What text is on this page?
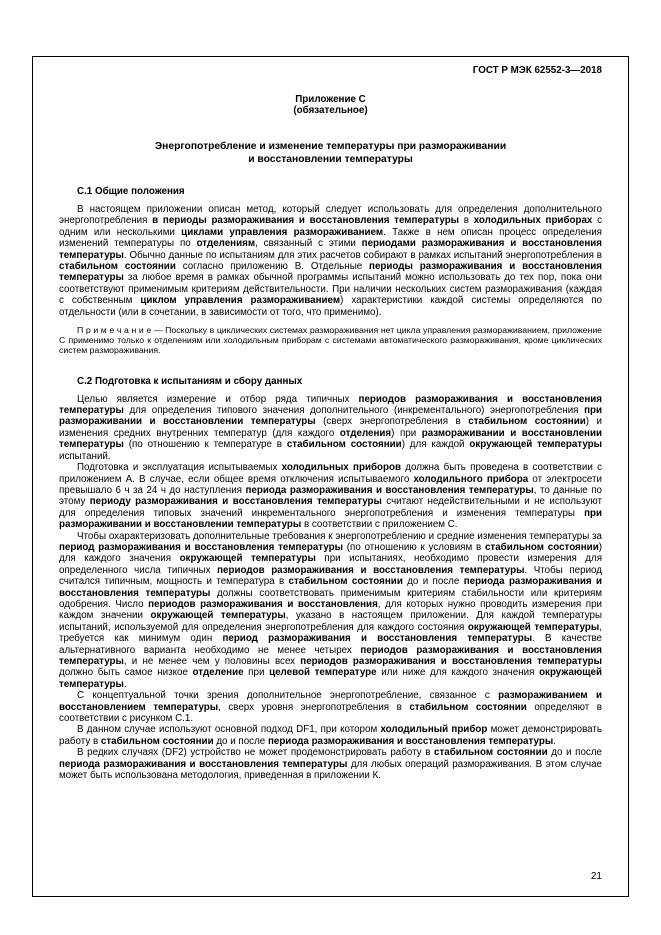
ГОСТ Р МЭК 62552-3—2018
Приложение С
(обязательное)
Энергопотребление и изменение температуры при размораживании
и восстановлении температуры
С.1 Общие положения

В настоящем приложении описан метод, который следует использовать для определения дополнительного энергопотребления в периоды размораживания и восстановления температуры в холодильных приборах с одним или несколькими циклами управления размораживанием. Также в нем описан процесс определения изменений температуры по отделениям, связанный с этими периодами размораживания и восстановления температуры. Обычно данные по испытаниям для этих расчетов собирают в рамках испытаний энергопотребления в стабильном состоянии согласно приложению В. Отдельные периоды размораживания и восстановления температуры за любое время в рамках обычной программы испытаний можно использовать до тех пор, пока они соответствуют применимым критериям действительности. При наличии нескольких систем размораживания (каждая с собственным циклом управления размораживанием) характеристики каждой системы определяются по отдельности (или в сочетании, в зависимости от того, что применимо).

П р и м е ч а н и е — Поскольку в циклических системах размораживания нет цикла управления размораживанием, приложение С применимо только к отделениям или холодильным приборам с системами автоматического размораживания, кроме циклических систем размораживания.

С.2 Подготовка к испытаниям и сбору данных

Целью является измерение и отбор ряда типичных периодов размораживания и восстановления температуры для определения типового значения дополнительного (инкрементального) энергопотребления при размораживании и восстановлении температуры (сверх энергопотребления в стабильном состоянии) и изменения средних внутренних температур (для каждого отделения) при размораживании и восстановлении температуры (по отношению к температуре в стабильном состоянии) для каждой окружающей температуры испытаний.

Подготовка и эксплуатация испытываемых холодильных приборов должна быть проведена в соответствии с приложением А. В случае, если общее время отключения испытываемого холодильного прибора от электросети превышало 6 ч за 24 ч до наступления периода размораживания и восстановления температуры, то данные по этому периоду размораживания и восстановления температуры считают недействительными и не используют для определения типовых значений инкрементального энергопотребления и изменения температуры при размораживании и восстановлении температуры в соответствии с приложением С.

Чтобы охарактеризовать дополнительные требования к энергопотреблению и средние изменения температуры за период размораживания и восстановления температуры (по отношению к условиям в стабильном состоянии) для каждого значения окружающей температуры при испытаниях, необходимо провести измерения для определенного числа типичных периодов размораживания и восстановления температуры. Чтобы период считался типичным, мощность и температура в стабильном состоянии до и после периода размораживания и восстановления температуры должны соответствовать применимым критериям стабильности или критериям одобрения. Число периодов размораживания и восстановления, для которых нужно проводить измерения при каждом значении окружающей температуры, указано в настоящем приложении. Для каждой температуры испытаний, используемой для определения энергопотребления для каждого состояния окружающей температуры, требуется как минимум один период размораживания и восстановления температуры. В качестве альтернативного варианта необходимо не менее четырех периодов размораживания и восстановления температуры, и не менее чем у половины всех периодов размораживания и восстановления температуры должно быть самое низкое отделение при целевой температуре или ниже для каждого значения окружающей температуры.

С концептуальной точки зрения дополнительное энергопотребление, связанное с размораживанием и восстановлением температуры, сверх уровня энергопотребления в стабильном состоянии определяют в соответствии с рисунком С.1.

В данном случае используют основной подход DF1, при котором холодильный прибор может демонстрировать работу в стабильном состоянии до и после периода размораживания и восстановления температуры.

В редких случаях (DF2) устройство не может продемонстрировать работу в стабильном состоянии до и после периода размораживания и восстановления температуры для любых операций размораживания. В этом случае может быть использована методология, приведенная в приложении К.

21
